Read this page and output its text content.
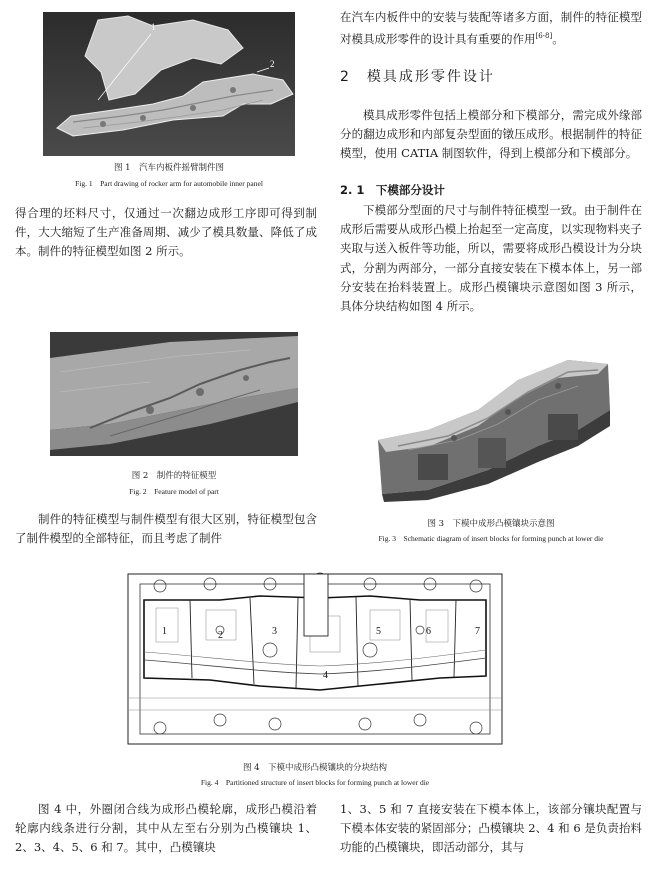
1
2
图 1　汽车内板件摇臂制件图
Fig. 1　Part drawing of rocker arm for automobile inner panel

得合理的坯料尺寸，仅通过一次翻边成形工序即可得到制件，大大缩短了生产准备周期、减少了模具数量、降低了成本。制件的特征模型如图 2 所示。

图 2　制件的特征模型
Fig. 2　Feature model of part

制件的特征模型与制件模型有很大区别，特征模型包含了制件模型的全部特征，而且考虑了制件

在汽车内板件中的安装与装配等诸多方面，制件的特征模型对模具成形零件的设计具有重要的作用[6-8]。

2　模具成形零件设计

模具成形零件包括上模部分和下模部分，需完成外缘部分的翻边成形和内部复杂型面的镦压成形。根据制件的特征模型，使用 CATIA 制图软件，得到上模部分和下模部分。

2. 1　下模部分设计

下模部分型面的尺寸与制件特征模型一致。由于制件在成形后需要从成形凸模上抬起至一定高度，以实现物料夹子夹取与送入板件等功能，所以，需要将成形凸模设计为分块式，分割为两部分，一部分直接安装在下模本体上，另一部分安装在抬料装置上。成形凸模镶块示意图如图 3 所示，具体分块结构如图 4 所示。

图 3　下模中成形凸模镶块示意图
Fig. 3　Schematic diagram of insert blocks for forming punch at lower die
1	2	3
4
5	6	7
图 4　下模中成形凸模镶块的分块结构
Fig. 4　Partitioned structure of insert blocks for forming punch at lower die

图 4 中，外圈闭合线为成形凸模轮廓，成形凸模沿着轮廓内线条进行分割，其中从左至右分别为凸模镶块 1、2、3、4、5、6 和 7。其中，凸模镶块

1、3、5 和 7 直接安装在下模本体上，该部分镶块配置与下模本体安装的紧固部分；凸模镶块 2、4 和 6 是负责抬料功能的凸模镶块，即活动部分，其与
